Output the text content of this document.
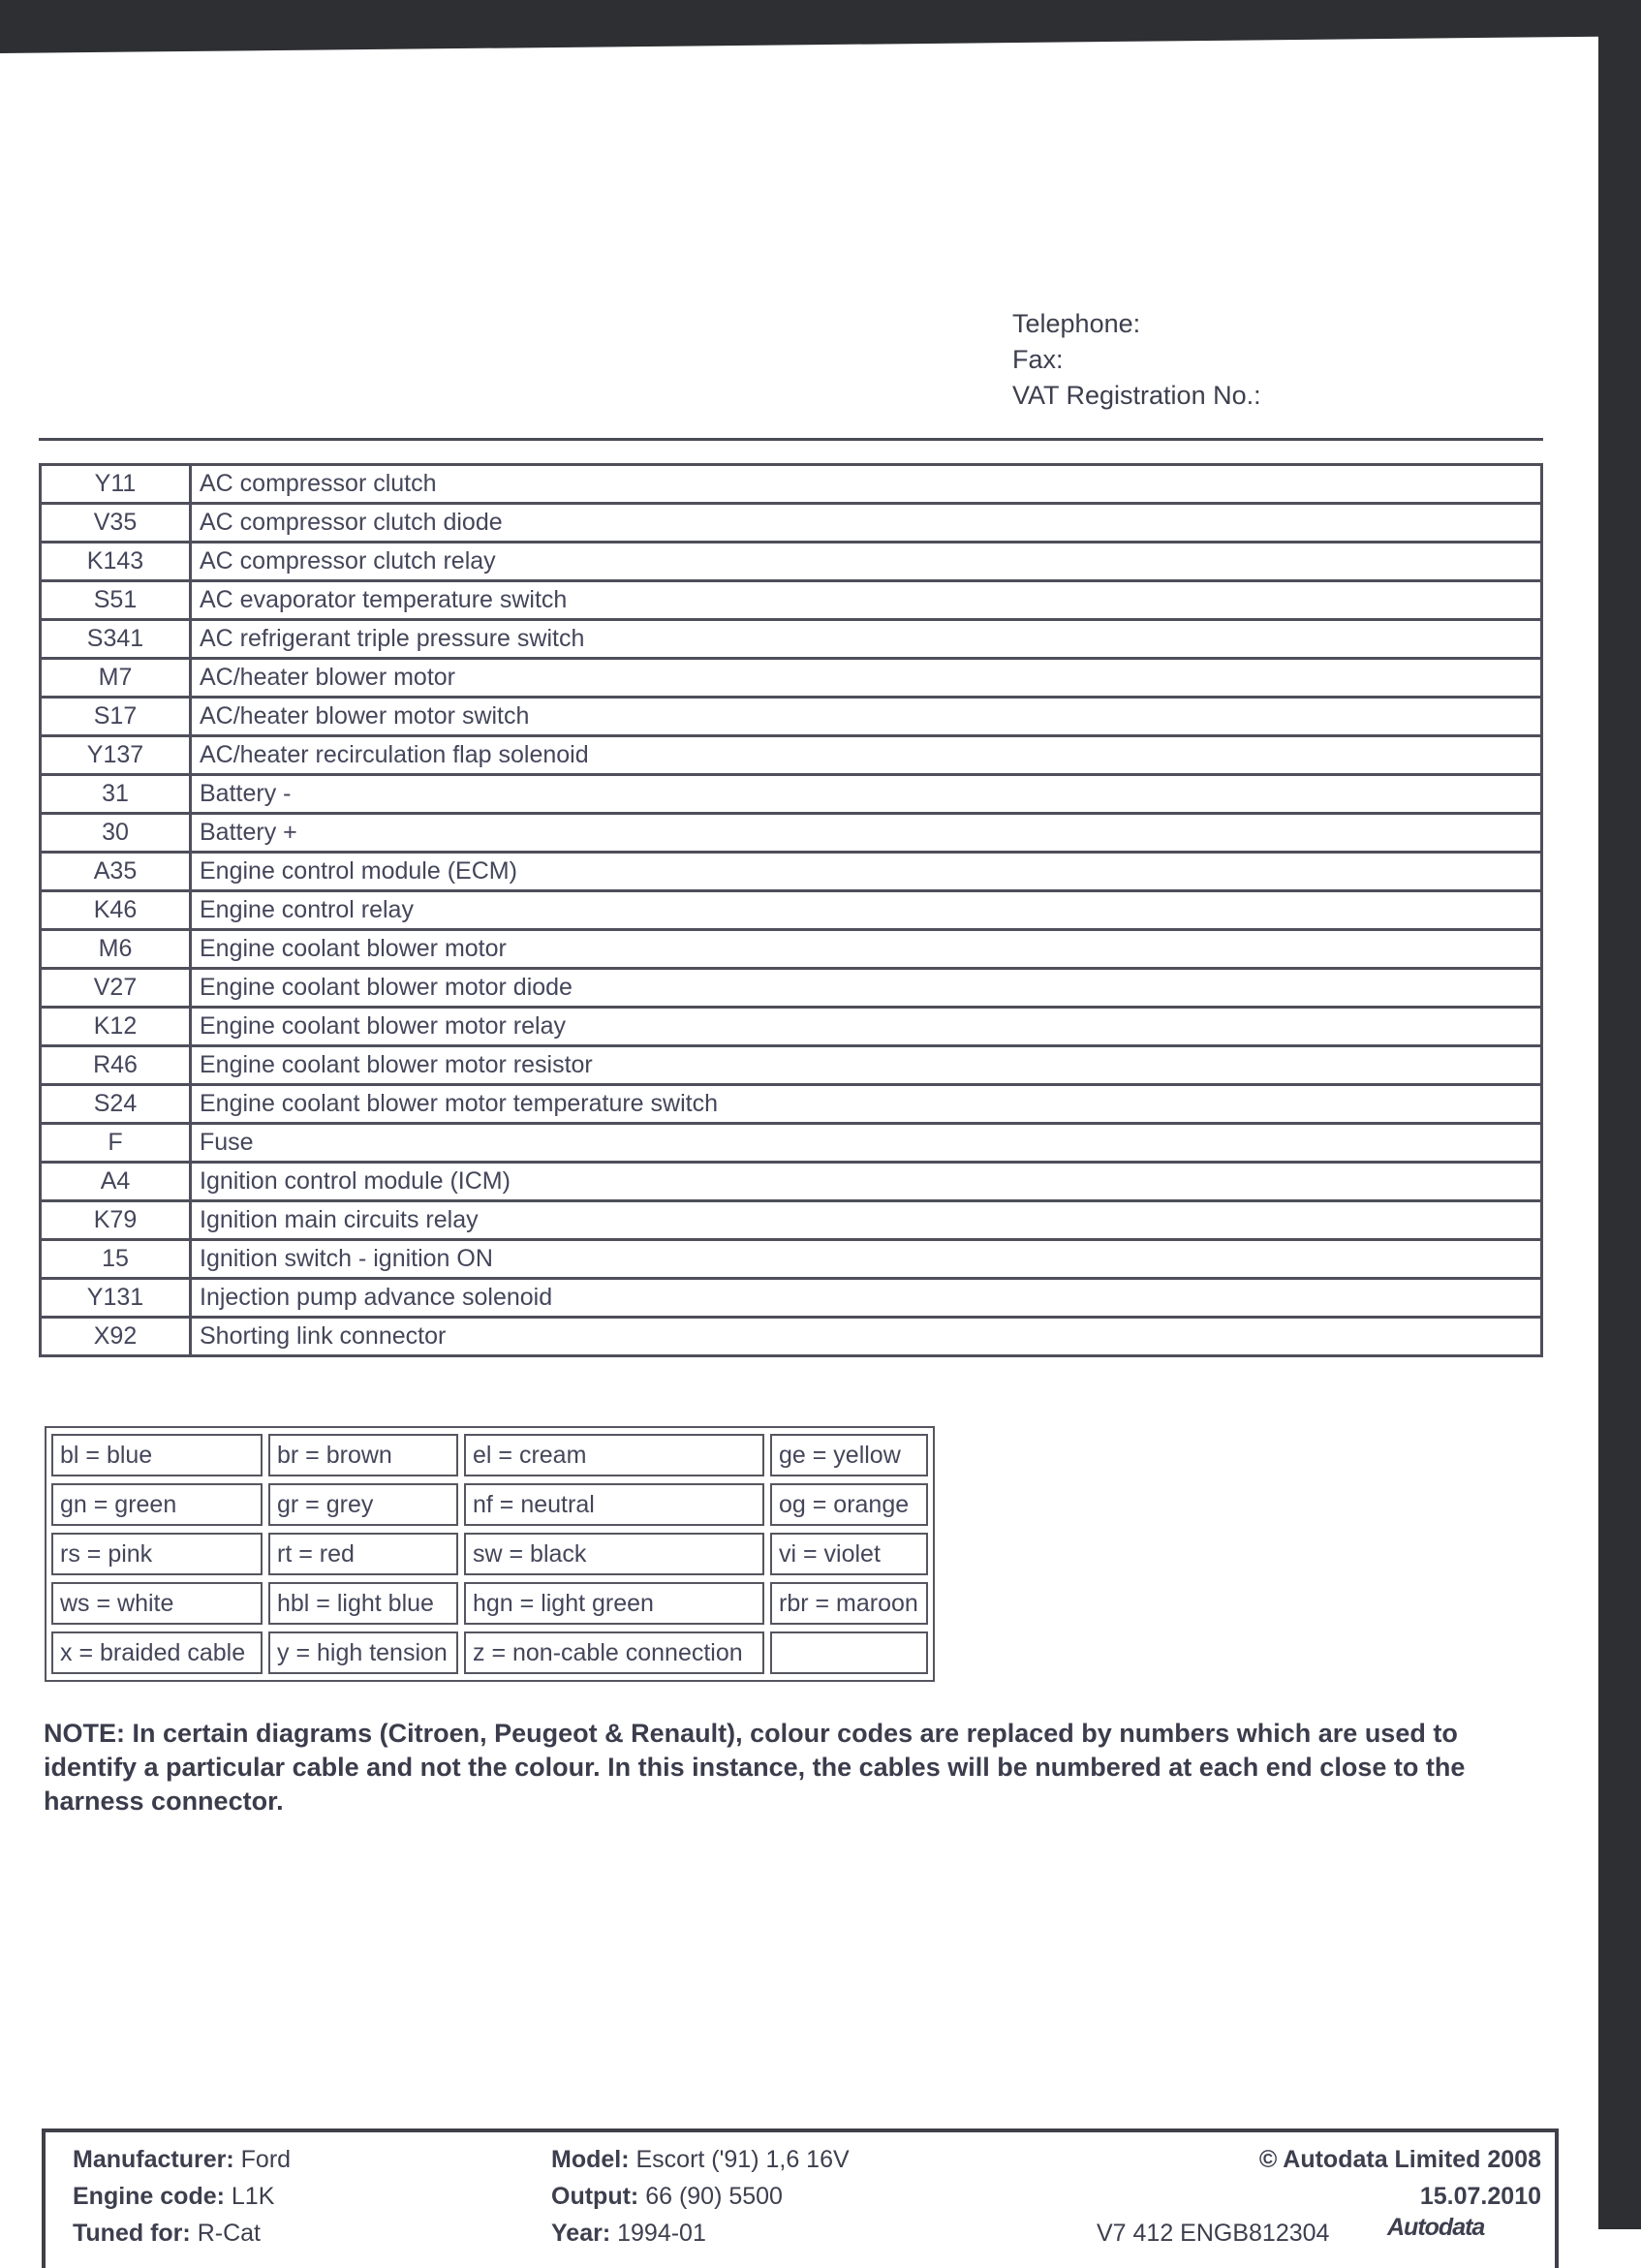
Telephone:
Fax:
VAT Registration No.:
Y11	AC compressor clutch
V35	AC compressor clutch diode
K143	AC compressor clutch relay
S51	AC evaporator temperature switch
S341	AC refrigerant triple pressure switch
M7	AC/heater blower motor
S17	AC/heater blower motor switch
Y137	AC/heater recirculation flap solenoid
31	Battery -
30	Battery +
A35	Engine control module (ECM)
K46	Engine control relay
M6	Engine coolant blower motor
V27	Engine coolant blower motor diode
K12	Engine coolant blower motor relay
R46	Engine coolant blower motor resistor
S24	Engine coolant blower motor temperature switch
F	Fuse
A4	Ignition control module (ICM)
K79	Ignition main circuits relay
15	Ignition switch - ignition ON
Y131	Injection pump advance solenoid
X92	Shorting link connector
bl = blue	br = brown	el = cream	ge = yellow
gn = green	gr = grey	nf = neutral	og = orange
rs = pink	rt = red	sw = black	vi = violet
ws = white	hbl = light blue	hgn = light green	rbr = maroon
x = braided cable	y = high tension	z = non-cable connection
NOTE: In certain diagrams (Citroen, Peugeot & Renault), colour codes are replaced by numbers which are used to
identify a particular cable and not the colour. In this instance, the cables will be numbered at each end close to the
harness connector.
Manufacturer: Ford
Engine code: L1K
Tuned for: R-Cat
Model: Escort ('91) 1,6 16V
Output: 66 (90) 5500
Year: 1994-01
© Autodata Limited 2008
15.07.2010
V7 412 ENGB812304 Autodata
